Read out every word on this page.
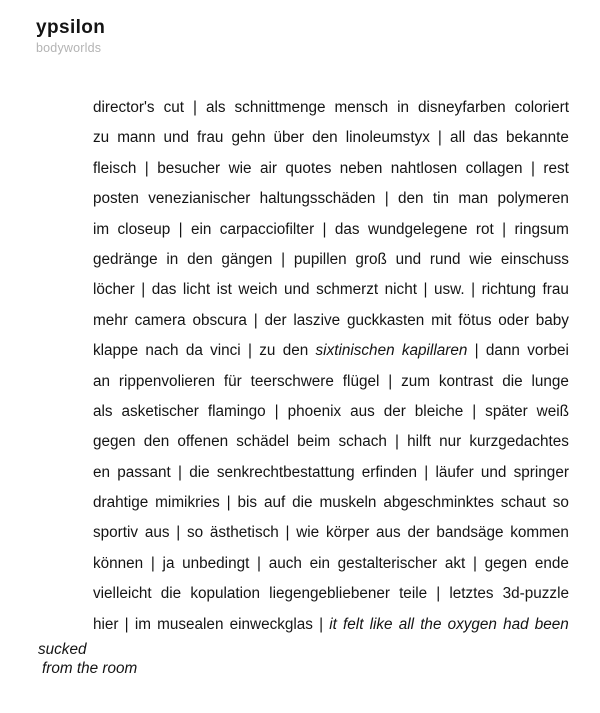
ypsilon
bodyworlds
director's cut | als schnittmenge mensch in disneyfarben coloriert
zu mann und frau gehn über den linoleumstyx | all das bekannte
fleisch | besucher wie air quotes neben nahtlosen collagen | rest
posten venezianischer haltungsschäden | den tin man polymeren
im closeup | ein carpacciofilter | das wundgelegene rot | ringsum
gedränge in den gängen | pupillen groß und rund wie einschuss
löcher | das licht ist weich und schmerzt nicht | usw. | richtung frau
mehr camera obscura | der laszive guckkasten mit fötus oder baby
klappe nach da vinci | zu den sixtinischen kapillaren | dann vorbei
an rippenvolieren für teerschwere flügel | zum kontrast die lunge
als asketischer flamingo | phoenix aus der bleiche | später weiß
gegen den offenen schädel beim schach | hilft nur kurzgedachtes
en passant | die senkrechtbestattung erfinden | läufer und springer
drahtige mimikries | bis auf die muskeln abgeschminktes schaut so
sportiv aus | so ästhetisch | wie körper aus der bandsäge kommen
können | ja unbedingt | auch ein gestalterischer akt | gegen ende
vielleicht die kopulation liegengebliebener teile | letztes 3d-puzzle
hier | im musealen einweckglas | it felt like all the oxygen had been
sucked
from the room
